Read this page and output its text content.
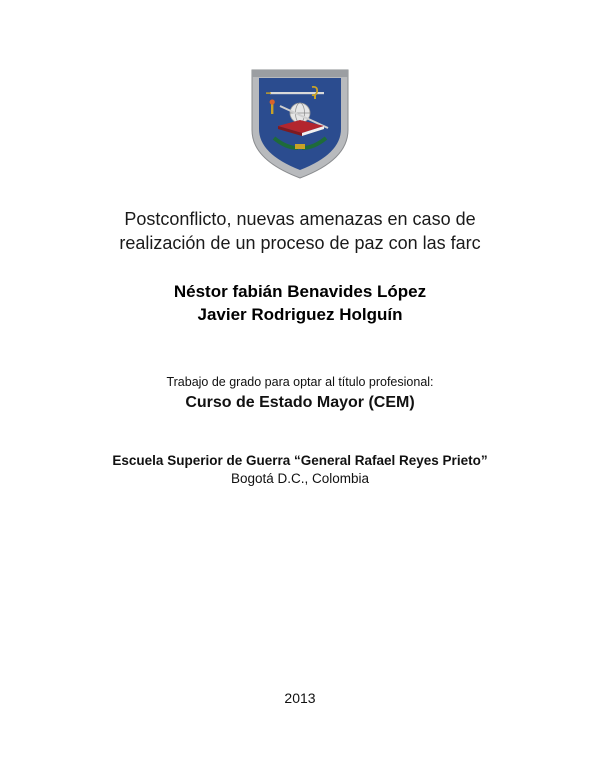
Postconflicto, nuevas amenazas en caso de
realización de un proceso de paz con las farc
Néstor fabián Benavides López
Javier Rodriguez Holguín
Trabajo de grado para optar al título profesional:
Curso de Estado Mayor (CEM)
Escuela Superior de Guerra “General Rafael Reyes Prieto”
Bogotá D.C., Colombia
2013
